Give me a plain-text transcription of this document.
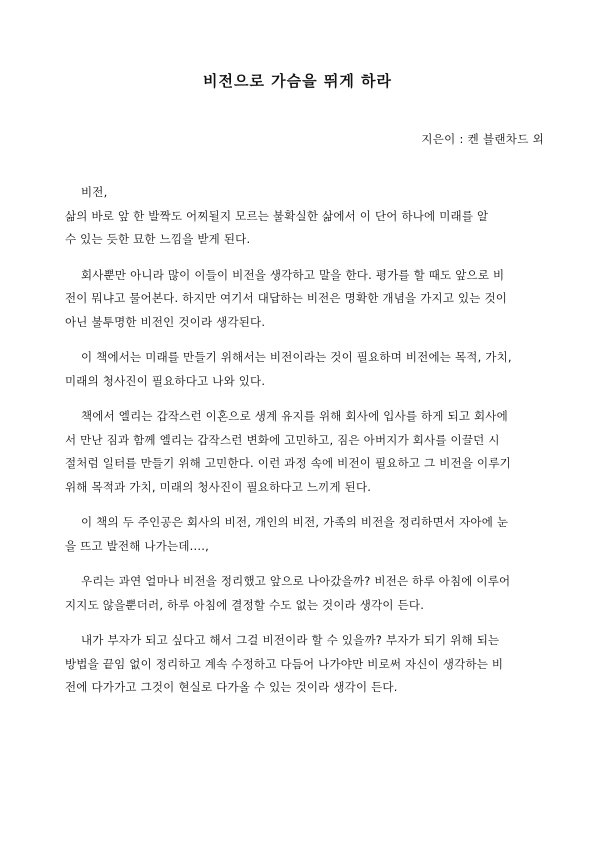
비전으로 가슴을 뛰게 하라
지은이 : 켄 블랜차드 외
비전,
삶의 바로 앞 한 발짝도 어찌될지 모르는 불확실한 삶에서 이 단어 하나에 미래를 알
수 있는 듯한 묘한 느낌을 받게 된다.
회사뿐만 아니라 많이 이들이 비전을 생각하고 말을 한다. 평가를 할 때도 앞으로 비
전이 뭐냐고 물어본다. 하지만 여기서 대답하는 비전은 명확한 개념을 가지고 있는 것이
아닌 불투명한 비전인 것이라 생각된다.
이 책에서는 미래를 만들기 위해서는 비전이라는 것이 필요하며 비전에는 목적, 가치,
미래의 청사진이 필요하다고 나와 있다.
책에서 엘리는 갑작스런 이혼으로 생계 유지를 위해 회사에 입사를 하게 되고 회사에
서 만난 짐과 함께 엘리는 갑작스런 변화에 고민하고, 짐은 아버지가 회사를 이끌던 시
절처럼 일터를 만들기 위해 고민한다. 이런 과정 속에 비전이 필요하고 그 비전을 이루기
위해 목적과 가치, 미래의 청사진이 필요하다고 느끼게 된다.
이 책의 두 주인공은 회사의 비전, 개인의 비전, 가족의 비전을 정리하면서 자아에 눈
을 뜨고 발전해 나가는데....,
우리는 과연 얼마나 비전을 정리했고 앞으로 나아갔을까? 비전은 하루 아침에 이루어
지지도 않을뿐더러, 하루 아침에 결정할 수도 없는 것이라 생각이 든다.
내가 부자가 되고 싶다고 해서 그걸 비전이라 할 수 있을까? 부자가 되기 위해 되는
방법을 끝임 없이 정리하고 계속 수정하고 다듬어 나가야만 비로써 자신이 생각하는 비
전에 다가가고 그것이 현실로 다가올 수 있는 것이라 생각이 든다.
